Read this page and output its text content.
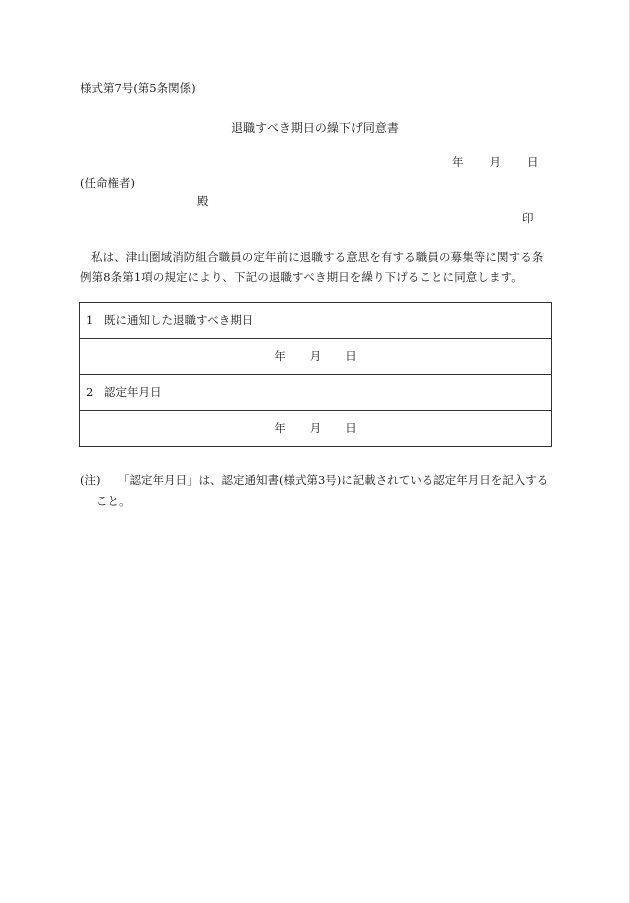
様式第7号(第5条関係)
退職すべき期日の繰下げ同意書
年 月 日
(任命権者)
殿
印
私は、津山圏域消防組合職員の定年前に退職する意思を有する職員の募集等に関する条
例第8条第1項の規定により、下記の退職すべき期日を繰り下げることに同意します。
1 既に通知した退職すべき期日
年 月 日
2 認定年月日
年 月 日
(注) 「認定年月日」は、認定通知書(様式第3号)に記載されている認定年月日を記入する
こと。
